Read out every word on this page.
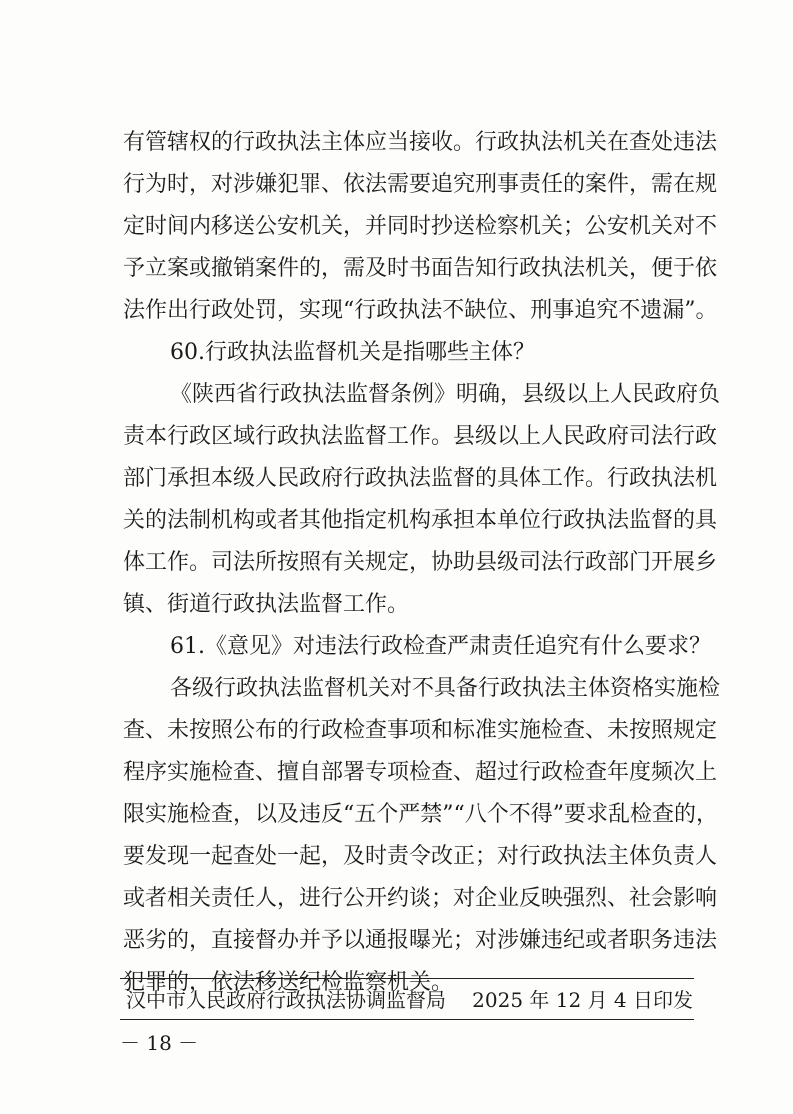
有管辖权的行政执法主体应当接收。行政执法机关在查处违法
行为时，对涉嫌犯罪、依法需要追究刑事责任的案件，需在规
定时间内移送公安机关，并同时抄送检察机关；公安机关对不
予立案或撤销案件的，需及时书面告知行政执法机关，便于依
法作出行政处罚，实现“行政执法不缺位、刑事追究不遗漏”。
60.行政执法监督机关是指哪些主体？
《陕西省行政执法监督条例》明确，县级以上人民政府负
责本行政区域行政执法监督工作。县级以上人民政府司法行政
部门承担本级人民政府行政执法监督的具体工作。行政执法机
关的法制机构或者其他指定机构承担本单位行政执法监督的具
体工作。司法所按照有关规定，协助县级司法行政部门开展乡
镇、街道行政执法监督工作。
61.《意见》对违法行政检查严肃责任追究有什么要求？
各级行政执法监督机关对不具备行政执法主体资格实施检
查、未按照公布的行政检查事项和标准实施检查、未按照规定
程序实施检查、擅自部署专项检查、超过行政检查年度频次上
限实施检查，以及违反“五个严禁”“八个不得”要求乱检查的，
要发现一起查处一起，及时责令改正；对行政执法主体负责人
或者相关责任人，进行公开约谈；对企业反映强烈、社会影响
恶劣的，直接督办并予以通报曝光；对涉嫌违纪或者职务违法
犯罪的，依法移送纪检监察机关。
汉中市人民政府行政执法协调监督局 2025 年 12 月 4 日印发
－ 18 －
